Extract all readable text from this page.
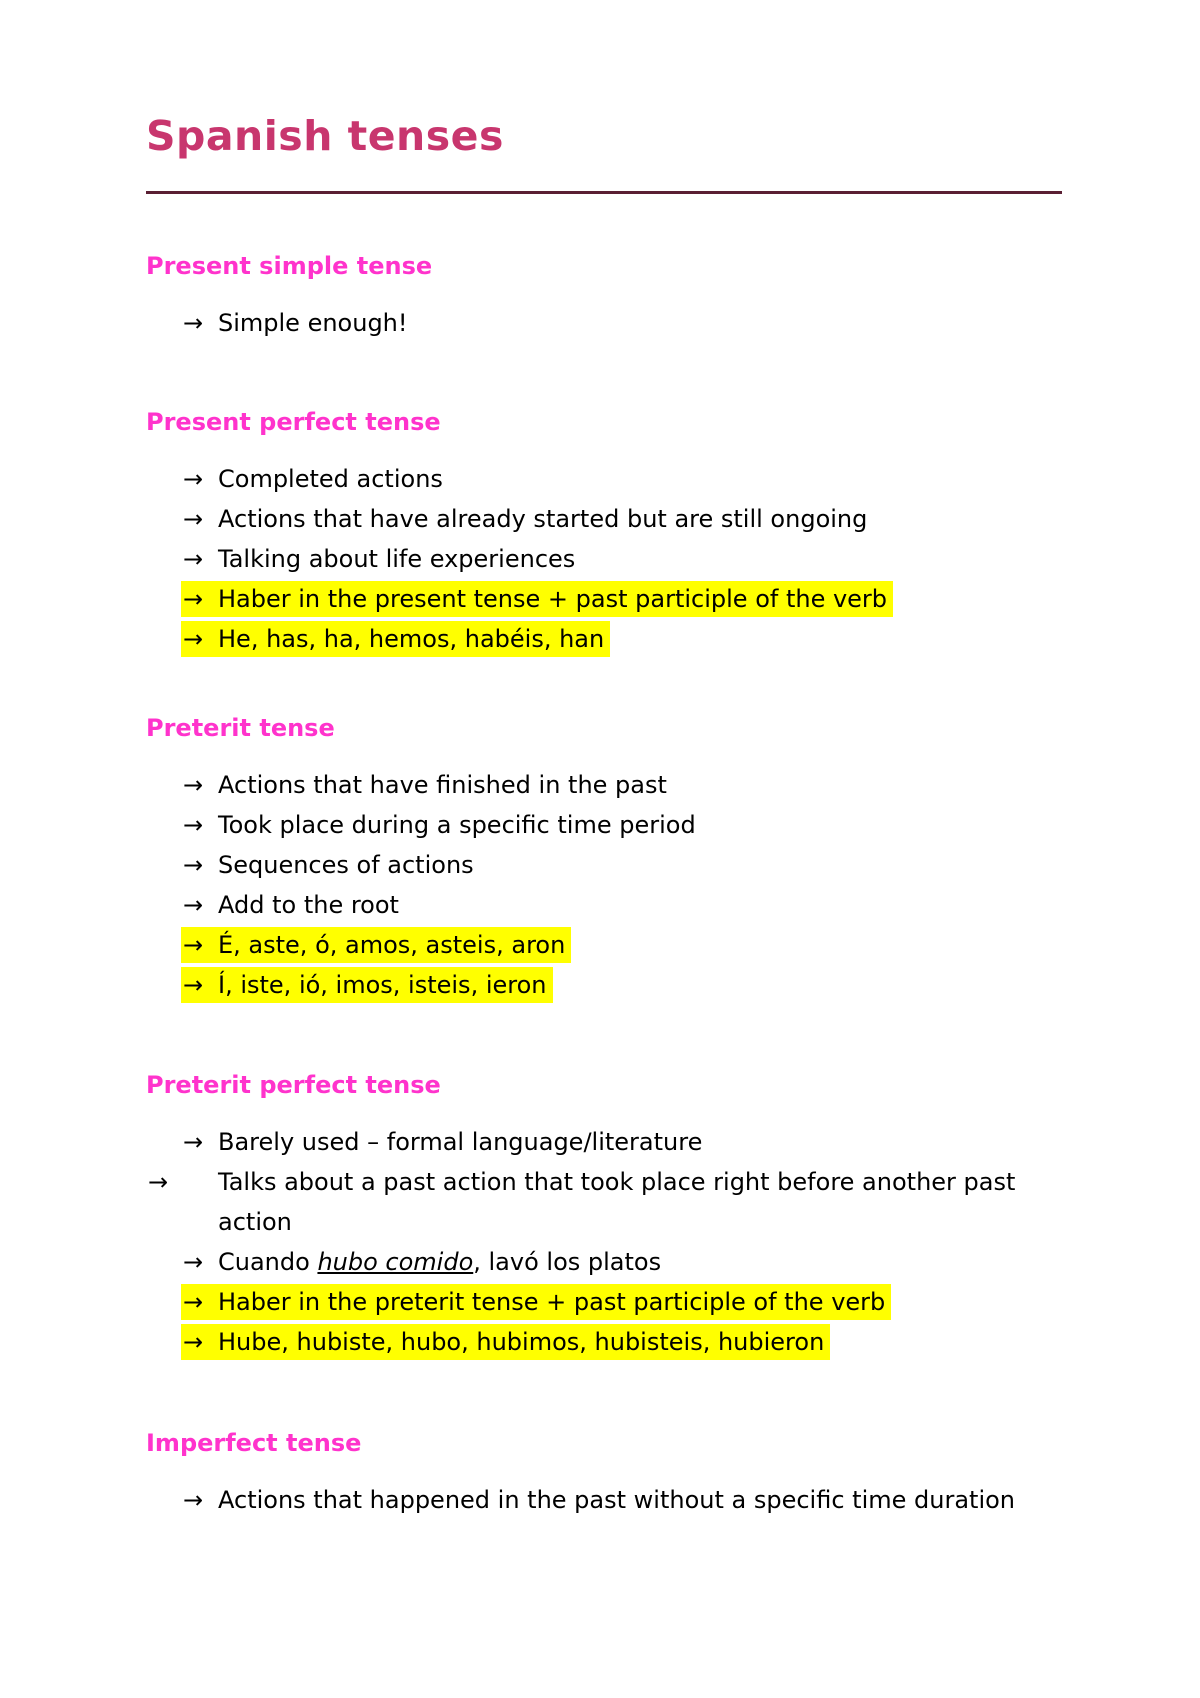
Spanish tenses
Present simple tense
→ Simple enough!
Present perfect tense
→ Completed actions
→ Actions that have already started but are still ongoing
→ Talking about life experiences
→ Haber in the present tense + past participle of the verb
→ He, has, ha, hemos, habéis, han
Preterit tense
→ Actions that have finished in the past
→ Took place during a specific time period
→ Sequences of actions
→ Add to the root
→ É, aste, ó, amos, asteis, aron
→ Í, iste, ió, imos, isteis, ieron
Preterit perfect tense
→ Barely used – formal language/literature
→ Talks about a past action that took place right before another past action
→ Cuando hubo comido, lavó los platos
→ Haber in the preterit tense + past participle of the verb
→ Hube, hubiste, hubo, hubimos, hubisteis, hubieron
Imperfect tense
→ Actions that happened in the past without a specific time duration
